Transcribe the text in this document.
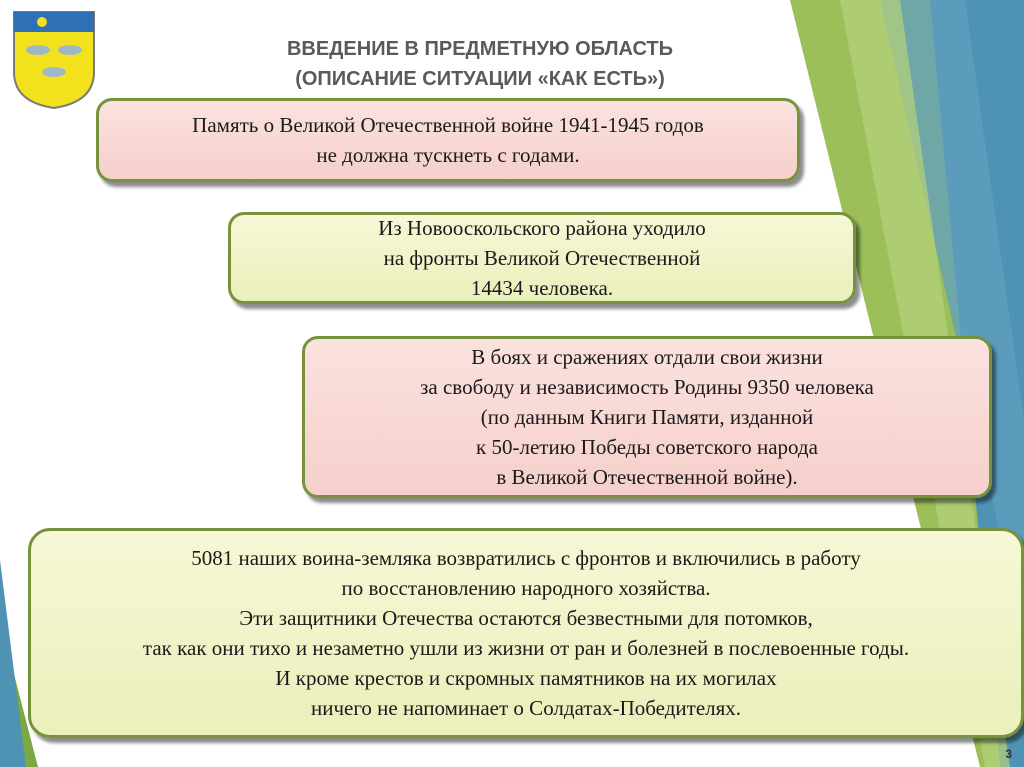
ВВЕДЕНИЕ В ПРЕДМЕТНУЮ ОБЛАСТЬ
(ОПИСАНИЕ СИТУАЦИИ «КАК ЕСТЬ»)
Память о Великой Отечественной войне 1941-1945 годов
не должна тускнеть с годами.
Из Новооскольского района уходило
на фронты Великой Отечественной
14434 человека.
В боях и сражениях отдали свои жизни
за свободу и независимость Родины 9350 человека
(по данным Книги Памяти, изданной
к 50-летию Победы советского народа
в Великой Отечественной войне).
5081 наших воина-земляка возвратились с фронтов и включились в работу
по восстановлению народного хозяйства.
Эти защитники Отечества остаются безвестными для потомков,
так как они тихо и незаметно ушли из жизни от ран и болезней в послевоенные годы.
И кроме крестов и скромных памятников на их могилах
ничего не напоминает о Солдатах-Победителях.
3
